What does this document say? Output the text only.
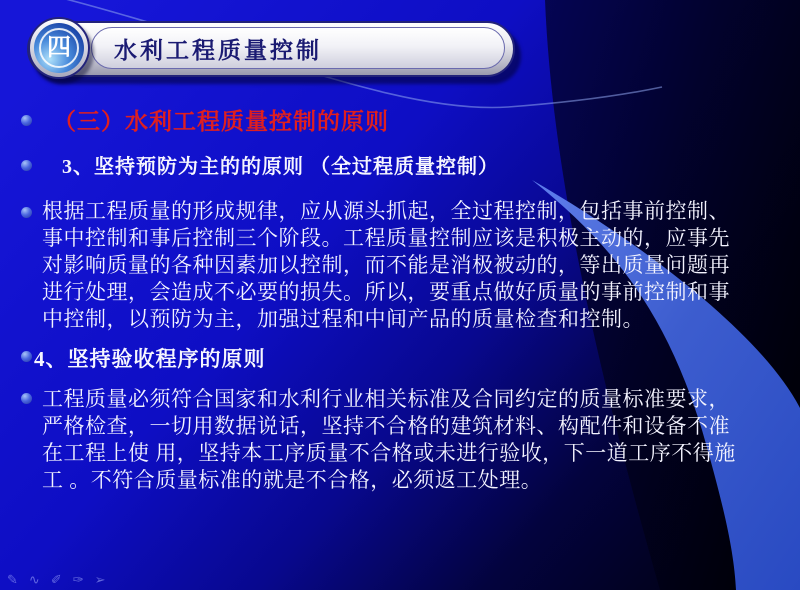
水利工程质量控制
四
（三）水利工程质量控制的原则
3、坚持预防为主的的原则 （全过程质量控制）
根据工程质量的形成规律，应从源头抓起，全过程控制，包括事前控制、
事中控制和事后控制三个阶段。工程质量控制应该是积极主动的，应事先
对影响质量的各种因素加以控制，而不能是消极被动的，等出质量问题再
进行处理，会造成不必要的损失。所以，要重点做好质量的事前控制和事
中控制，以预防为主，加强过程和中间产品的质量检查和控制。
4、坚持验收程序的原则
工程质量必须符合国家和水利行业相关标准及合同约定的质量标准要求，
严格检查，一切用数据说话，坚持不合格的建筑材料、构配件和设备不准
在工程上使 用，坚持本工序质量不合格或未进行验收，下一道工序不得施
工 。不符合质量标准的就是不合格，必须返工处理。
✎ ∿ ✐ ✑ ➢
